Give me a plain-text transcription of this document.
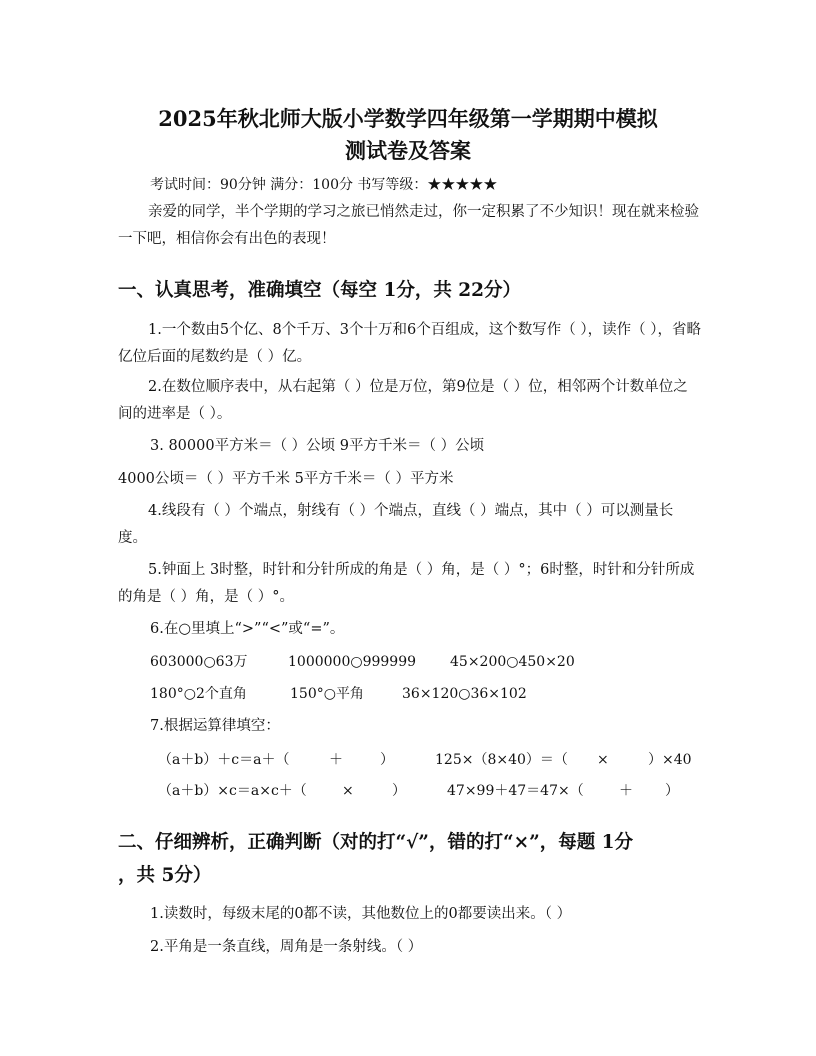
2025年秋北师大版小学数学四年级第一学期期中模拟
测试卷及答案
考试时间：90分钟 满分：100分 书写等级：★★★★★
亲爱的同学，半个学期的学习之旅已悄然走过，你一定积累了不少知识！现在就来检验一下吧，相信你会有出色的表现！
一、认真思考，准确填空（每空 1分，共 22分）
1.一个数由5个亿、8个千万、3个十万和6个百组成，这个数写作（ ），读作（ ），省略亿位后面的尾数约是（ ）亿。
2.在数位顺序表中，从右起第（ ）位是万位，第9位是（ ）位，相邻两个计数单位之间的进率是（ ）。
3. 80000平方米＝（ ）公顷 9平方千米＝（ ）公顷
4000公顷＝（ ）平方千米 5平方千米＝（ ）平方米
4.线段有（ ）个端点，射线有（ ）个端点，直线（ ）端点，其中（ ）可以测量长度。
5.钟面上 3时整，时针和分针所成的角是（ ）角，是（ ）°；6时整，时针和分针所成的角是（ ）角，是（ ）°。
6.在○里填上“>”“<”或“=”。
603000○63万	1000000○999999 45×200○450×20
180°○2个直角	150°○平角	36×120○36×102
7.根据运算律填空：
（a＋b）＋c＝a＋（	＋	）	125×（8×40）＝（ ×	）×40
（a＋b）×c＝a×c＋（	×	）	47×99＋47＝47×（	＋ ）
二、仔细辨析，正确判断（对的打“√”，错的打“×”，每题 1分
，共 5分）
1.读数时，每级末尾的0都不读，其他数位上的0都要读出来。（ ）
2.平角是一条直线，周角是一条射线。（ ）
